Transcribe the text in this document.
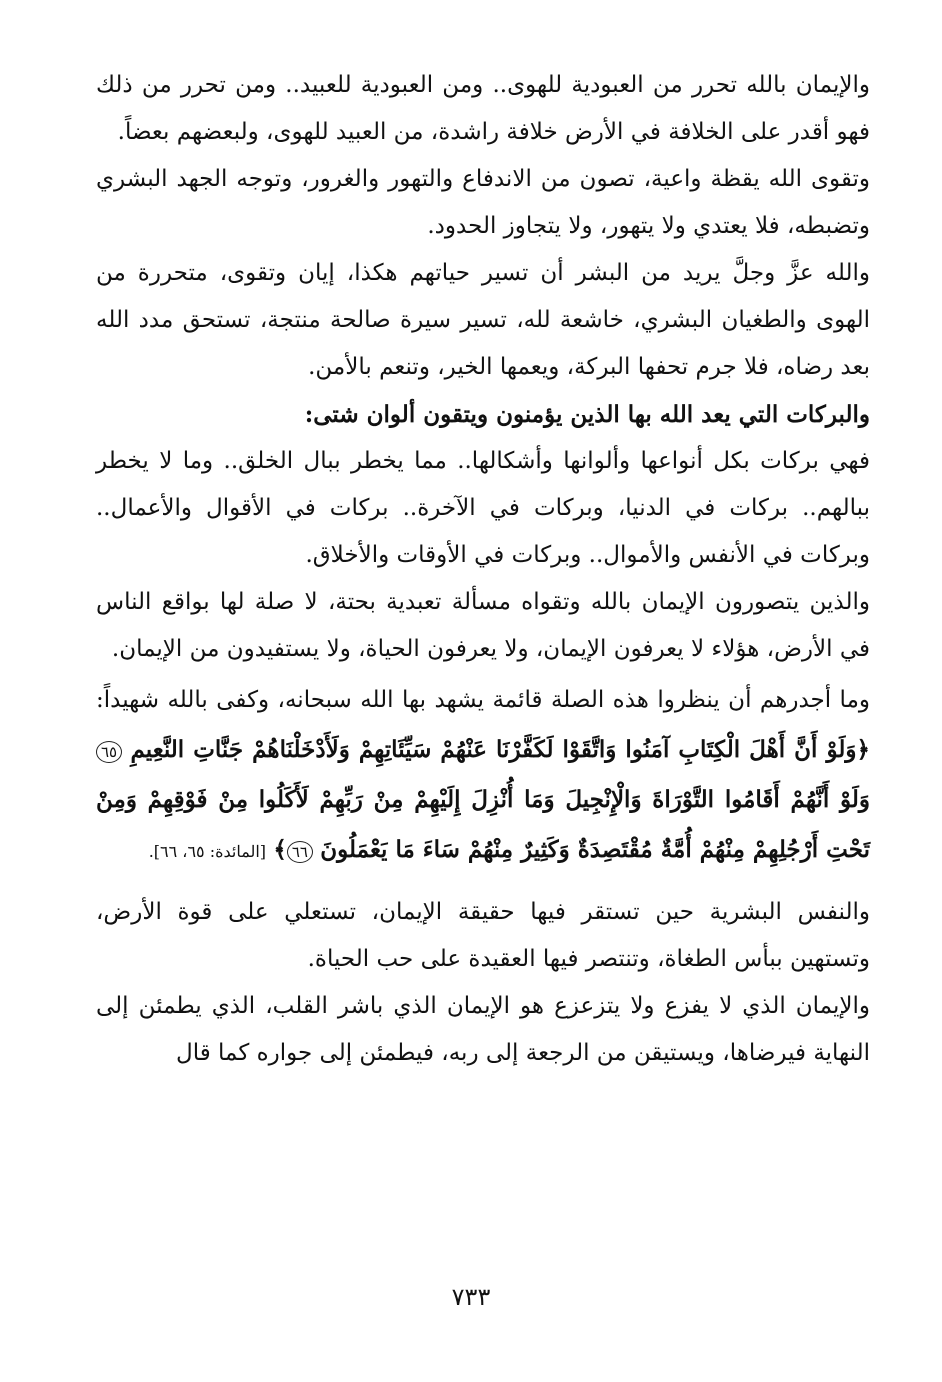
والإيمان بالله تحرر من العبودية للهوى.. ومن العبودية للعبيد.. ومن تحرر من ذلك فهو أقدر على الخلافة في الأرض خلافة راشدة، من العبيد للهوى، ولبعضهم بعضاً.

وتقوى الله يقظة واعية، تصون من الاندفاع والتهور والغرور، وتوجه الجهد البشري وتضبطه، فلا يعتدي ولا يتهور، ولا يتجاوز الحدود.

والله عزَّ وجلَّ يريد من البشر أن تسير حياتهم هكذا، إيان وتقوى، متحررة من الهوى والطغيان البشري، خاشعة لله، تسير سيرة صالحة منتجة، تستحق مدد الله بعد رضاه، فلا جرم تحفها البركة، ويعمها الخير، وتنعم بالأمن.

والبركات التي يعد الله بها الذين يؤمنون ويتقون ألوان شتى:

فهي بركات بكل أنواعها وألوانها وأشكالها.. مما يخطر ببال الخلق.. وما لا يخطر ببالهم.. بركات في الدنيا، وبركات في الآخرة.. بركات في الأقوال والأعمال.. وبركات في الأنفس والأموال.. وبركات في الأوقات والأخلاق.

والذين يتصورون الإيمان بالله وتقواه مسألة تعبدية بحتة، لا صلة لها بواقع الناس في الأرض، هؤلاء لا يعرفون الإيمان، ولا يعرفون الحياة، ولا يستفيدون من الإيمان.

وما أجدرهم أن ينظروا هذه الصلة قائمة يشهد بها الله سبحانه، وكفى بالله شهيداً: ﴿وَلَوْ أَنَّ أَهْلَ الْكِتَابِ آمَنُوا وَاتَّقَوْا لَكَفَّرْنَا عَنْهُمْ سَيِّئَاتِهِمْ وَلَأَدْخَلْنَاهُمْ جَنَّاتِ النَّعِيمِ ٦٥ وَلَوْ أَنَّهُمْ أَقَامُوا التَّوْرَاةَ وَالْإِنْجِيلَ وَمَا أُنْزِلَ إِلَيْهِمْ مِنْ رَبِّهِمْ لَأَكَلُوا مِنْ فَوْقِهِمْ وَمِنْ تَحْتِ أَرْجُلِهِمْ مِنْهُمْ أُمَّةٌ مُقْتَصِدَةٌ وَكَثِيرٌ مِنْهُمْ سَاءَ مَا يَعْمَلُونَ ٦٦﴾ [المائدة: ٦٥، ٦٦].

والنفس البشرية حين تستقر فيها حقيقة الإيمان، تستعلي على قوة الأرض، وتستهين ببأس الطغاة، وتنتصر فيها العقيدة على حب الحياة.

والإيمان الذي لا يفزع ولا يتزعزع هو الإيمان الذي باشر القلب، الذي يطمئن إلى النهاية فيرضاها، ويستيقن من الرجعة إلى ربه، فيطمئن إلى جواره كما قال

٧٣٣
